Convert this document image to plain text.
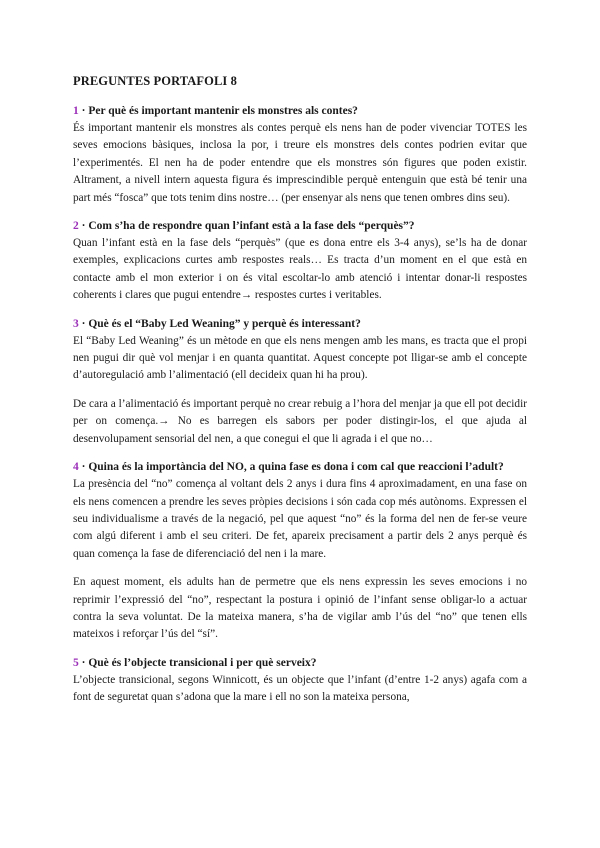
PREGUNTES PORTAFOLI 8

1 · Per què és important mantenir els monstres als contes?

És important mantenir els monstres als contes perquè els nens han de poder vivenciar TOTES les seves emocions bàsiques, inclosa la por, i treure els monstres dels contes podrien evitar que l’experimentés. El nen ha de poder entendre que els monstres són figures que poden existir. Altrament, a nivell intern aquesta figura és imprescindible perquè entenguin que està bé tenir una part més “fosca” que tots tenim dins nostre… (per ensenyar als nens que tenen ombres dins seu).

2 · Com s’ha de respondre quan l’infant està a la fase dels “perquès”?

Quan l’infant està en la fase dels “perquès” (que es dona entre els 3-4 anys), se’ls ha de donar exemples, explicacions curtes amb respostes reals… Es tracta d’un moment en el que està en contacte amb el mon exterior i on és vital escoltar-lo amb atenció i intentar donar-li respostes coherents i clares que pugui entendre→ respostes curtes i veritables.

3 · Què és el “Baby Led Weaning” y perquè és interessant?

El “Baby Led Weaning” és un mètode en que els nens mengen amb les mans, es tracta que el propi nen pugui dir què vol menjar i en quanta quantitat. Aquest concepte pot lligar-se amb el concepte d’autoregulació amb l’alimentació (ell decideix quan hi ha prou).

De cara a l’alimentació és important perquè no crear rebuig a l’hora del menjar ja que ell pot decidir per on comença.→ No es barregen els sabors per poder distingir-los, el que ajuda al desenvolupament sensorial del nen, a que conegui el que li agrada i el que no…

4 · Quina és la importància del NO, a quina fase es dona i com cal que reaccioni l’adult?

La presència del “no” comença al voltant dels 2 anys i dura fins 4 aproximadament, en una fase on els nens comencen a prendre les seves pròpies decisions i són cada cop més autònoms. Expressen el seu individualisme a través de la negació, pel que aquest “no” és la forma del nen de fer-se veure com algú diferent i amb el seu criteri. De fet, apareix precisament a partir dels 2 anys perquè és quan comença la fase de diferenciació del nen i la mare.

En aquest moment, els adults han de permetre que els nens expressin les seves emocions i no reprimir l’expressió del “no”, respectant la postura i opinió de l’infant sense obligar-lo a actuar contra la seva voluntat. De la mateixa manera, s’ha de vigilar amb l’ús del “no” que tenen ells mateixos i reforçar l’ús del “sí”.

5 · Què és l’objecte transicional i per què serveix?

L’objecte transicional, segons Winnicott, és un objecte que l’infant (d’entre 1-2 anys) agafa com a font de seguretat quan s’adona que la mare i ell no son la mateixa persona,
